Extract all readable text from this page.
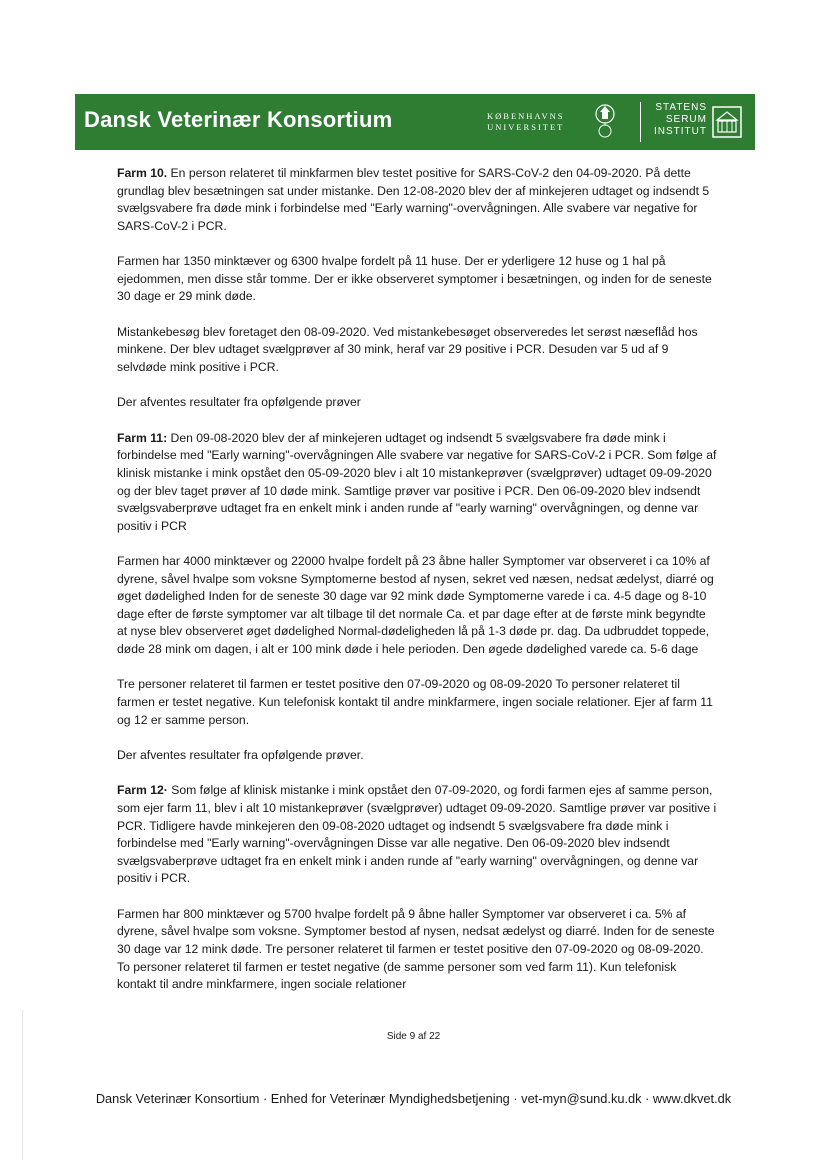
Dansk Veterinær Konsortium	KØBENHAVNS
UNIVERSITET
STATENS
SERUM
INSTITUT

Farm 10. En person relateret til minkfarmen blev testet positive for SARS-CoV-2 den 04-09-2020. På dette grundlag blev besætningen sat under mistanke. Den 12-08-2020 blev der af minkejeren udtaget og indsendt 5 svælgsvabere fra døde mink i forbindelse med "Early warning"-overvågningen. Alle svabere var negative for SARS-CoV-2 i PCR.

Farmen har 1350 minktæver og 6300 hvalpe fordelt på 11 huse. Der er yderligere 12 huse og 1 hal på ejedommen, men disse står tomme. Der er ikke observeret symptomer i besætningen, og inden for de seneste 30 dage er 29 mink døde.

Mistankebesøg blev foretaget den 08-09-2020. Ved mistankebesøget observeredes let serøst næseflåd hos minkene. Der blev udtaget svælgprøver af 30 mink, heraf var 29 positive i PCR. Desuden var 5 ud af 9 selvdøde mink positive i PCR.

Der afventes resultater fra opfølgende prøver

Farm 11: Den 09-08-2020 blev der af minkejeren udtaget og indsendt 5 svælgsvabere fra døde mink i forbindelse med "Early warning"-overvågningen Alle svabere var negative for SARS-CoV-2 i PCR. Som følge af klinisk mistanke i mink opstået den 05-09-2020 blev i alt 10 mistankeprøver (svælgprøver) udtaget 09-09-2020 og der blev taget prøver af 10 døde mink. Samtlige prøver var positive i PCR. Den 06-09-2020 blev indsendt svælgsvaberprøve udtaget fra en enkelt mink i anden runde af "early warning" overvågningen, og denne var positiv i PCR

Farmen har 4000 minktæver og 22000 hvalpe fordelt på 23 åbne haller Symptomer var observeret i ca 10% af dyrene, såvel hvalpe som voksne Symptomerne bestod af nysen, sekret ved næsen, nedsat ædelyst, diarré og øget dødelighed Inden for de seneste 30 dage var 92 mink døde Symptomerne varede i ca. 4-5 dage og 8-10 dage efter de første symptomer var alt tilbage til det normale Ca. et par dage efter at de første mink begyndte at nyse blev observeret øget dødelighed Normal-dødeligheden lå på 1-3 døde pr. dag. Da udbruddet toppede, døde 28 mink om dagen, i alt er 100 mink døde i hele perioden. Den øgede dødelighed varede ca. 5-6 dage

Tre personer relateret til farmen er testet positive den 07-09-2020 og 08-09-2020 To personer relateret til farmen er testet negative. Kun telefonisk kontakt til andre minkfarmere, ingen sociale relationer. Ejer af farm 11 og 12 er samme person.

Der afventes resultater fra opfølgende prøver.

Farm 12· Som følge af klinisk mistanke i mink opstået den 07-09-2020, og fordi farmen ejes af samme person, som ejer farm 11, blev i alt 10 mistankeprøver (svælgprøver) udtaget 09-09-2020. Samtlige prøver var positive i PCR. Tidligere havde minkejeren den 09-08-2020 udtaget og indsendt 5 svælgsvabere fra døde mink i forbindelse med "Early warning"-overvågningen Disse var alle negative. Den 06-09-2020 blev indsendt svælgsvaberprøve udtaget fra en enkelt mink i anden runde af "early warning" overvågningen, og denne var positiv i PCR.

Farmen har 800 minktæver og 5700 hvalpe fordelt på 9 åbne haller Symptomer var observeret i ca. 5% af dyrene, såvel hvalpe som voksne. Symptomer bestod af nysen, nedsat ædelyst og diarré. Inden for de seneste 30 dage var 12 mink døde. Tre personer relateret til farmen er testet positive den 07-09-2020 og 08-09-2020. To personer relateret til farmen er testet negative (de samme personer som ved farm 11). Kun telefonisk kontakt til andre minkfarmere, ingen sociale relationer

Side 9 af 22
Dansk Veterinær Konsortium · Enhed for Veterinær Myndighedsbetjening · vet-myn@sund.ku.dk · www.dkvet.dk
